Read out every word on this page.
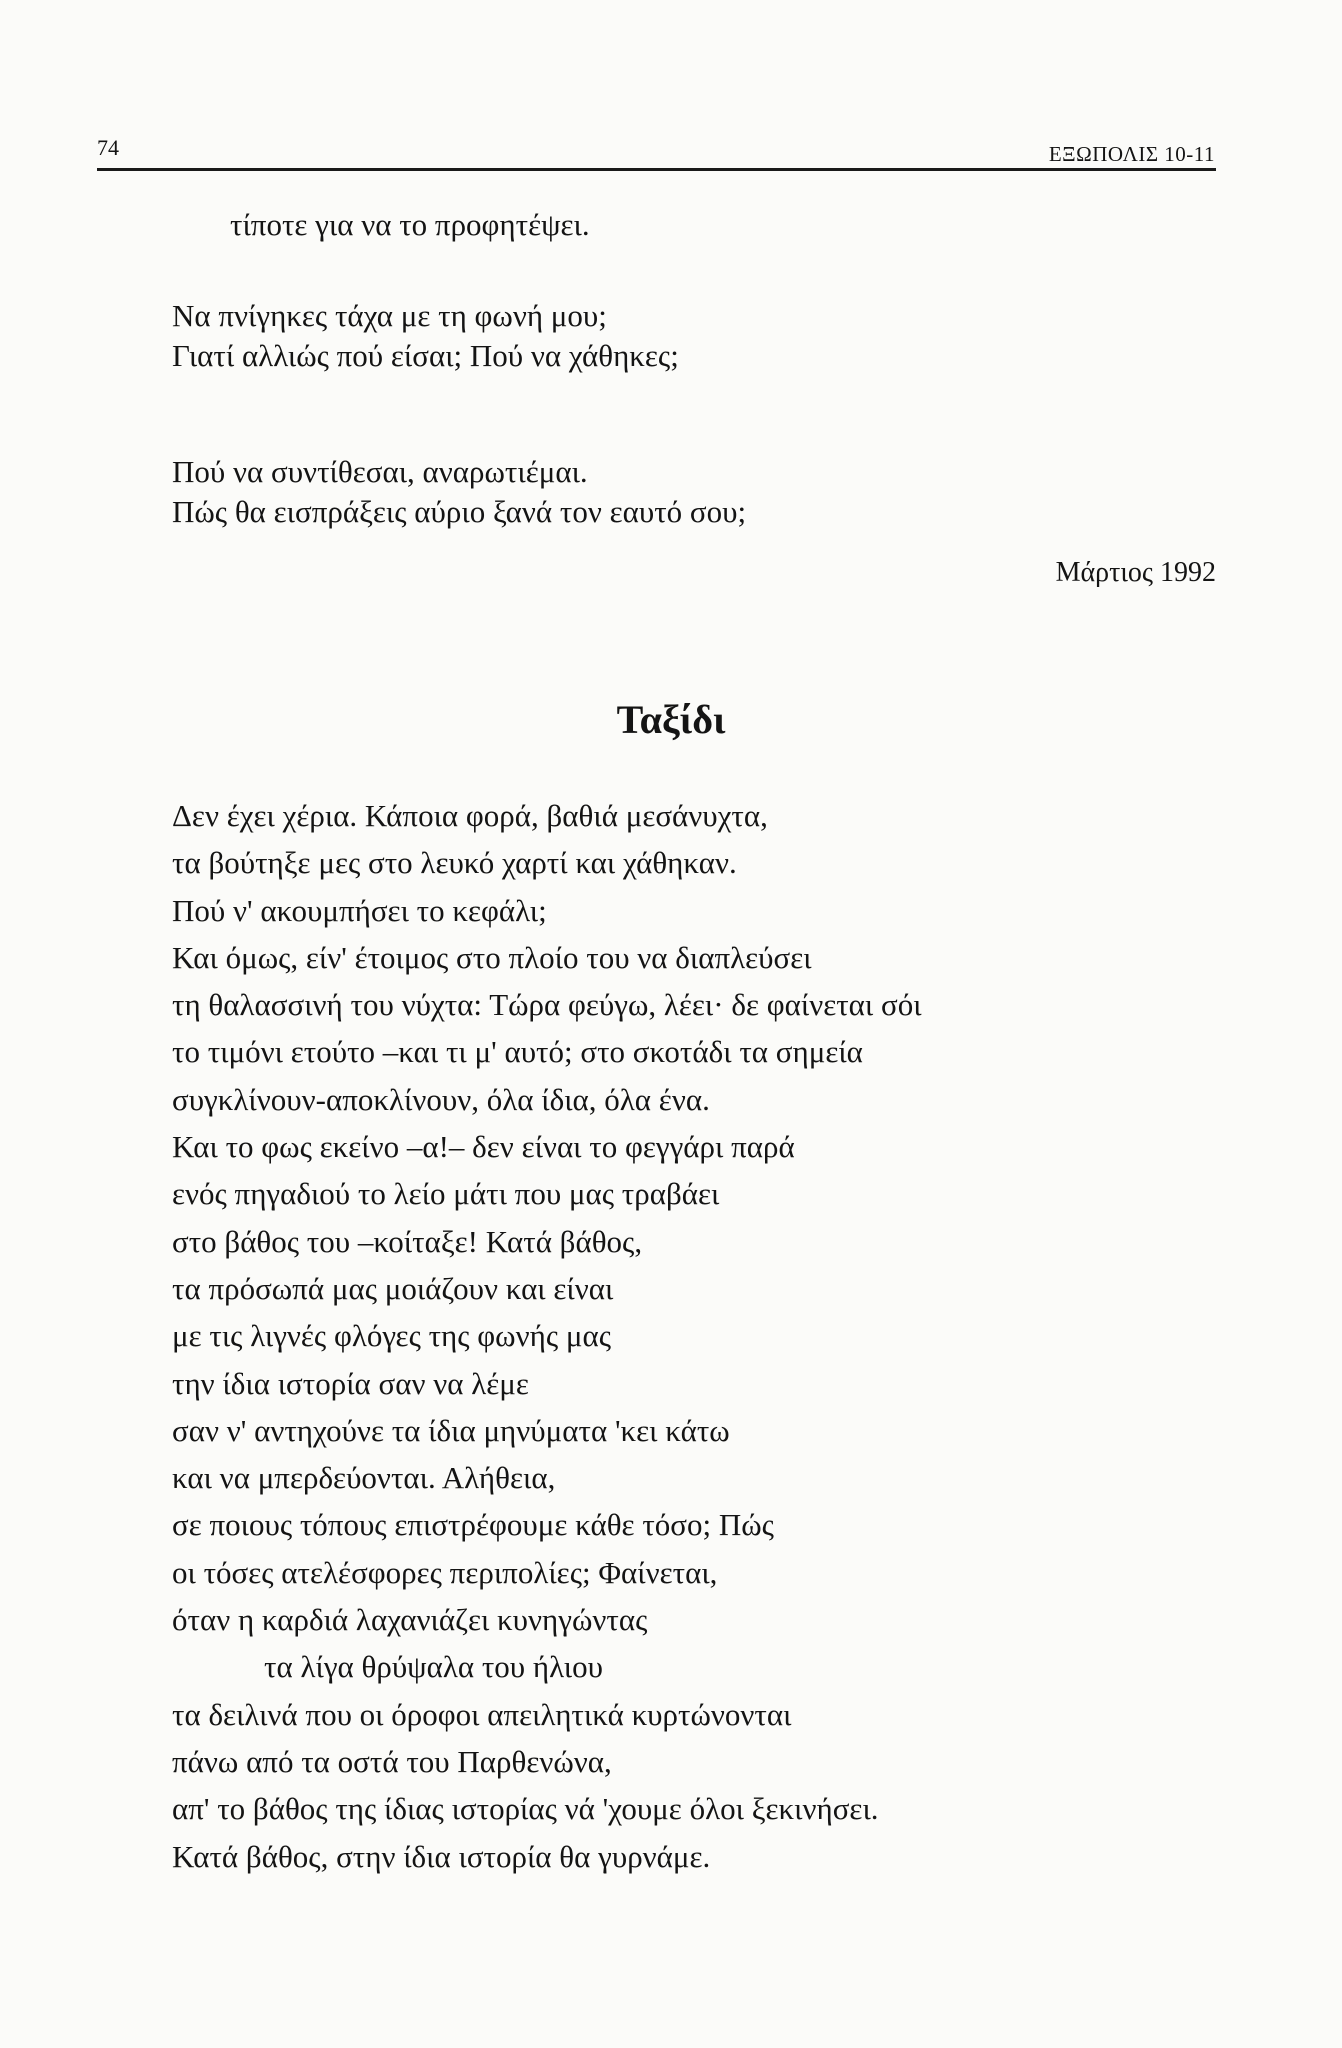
74	ΕΞΩΠΟΛΙΣ 10-11
τίποτε για να το προφητέψει.
Να πνίγηκες τάχα με τη φωνή μου;
Γιατί αλλιώς πού είσαι; Πού να χάθηκες;
Πού να συντίθεσαι, αναρωτιέμαι.
Πώς θα εισπράξεις αύριο ξανά τον εαυτό σου;
Μάρτιος 1992
Ταξίδι
Δεν έχει χέρια. Κάποια φορά, βαθιά μεσάνυχτα,
τα βούτηξε μες στο λευκό χαρτί και χάθηκαν.
Πού ν' ακουμπήσει το κεφάλι;
Και όμως, είν' έτοιμος στο πλοίο του να διαπλεύσει
τη θαλασσινή του νύχτα: Τώρα φεύγω, λέει· δε φαίνεται σόι
το τιμόνι ετούτο –και τι μ' αυτό; στο σκοτάδι τα σημεία
συγκλίνουν-αποκλίνουν, όλα ίδια, όλα ένα.
Και το φως εκείνο –α!– δεν είναι το φεγγάρι παρά
ενός πηγαδιού το λείο μάτι που μας τραβάει
στο βάθος του –κοίταξε! Κατά βάθος,
τα πρόσωπά μας μοιάζουν και είναι
με τις λιγνές φλόγες της φωνής μας
την ίδια ιστορία σαν να λέμε
σαν ν' αντηχούνε τα ίδια μηνύματα 'κει κάτω
και να μπερδεύονται. Αλήθεια,
σε ποιους τόπους επιστρέφουμε κάθε τόσο; Πώς
οι τόσες ατελέσφορες περιπολίες; Φαίνεται,
όταν η καρδιά λαχανιάζει κυνηγώντας
τα λίγα θρύψαλα του ήλιου
τα δειλινά που οι όροφοι απειλητικά κυρτώνονται
πάνω από τα οστά του Παρθενώνα,
απ' το βάθος της ίδιας ιστορίας νά 'χουμε όλοι ξεκινήσει.
Κατά βάθος, στην ίδια ιστορία θα γυρνάμε.
